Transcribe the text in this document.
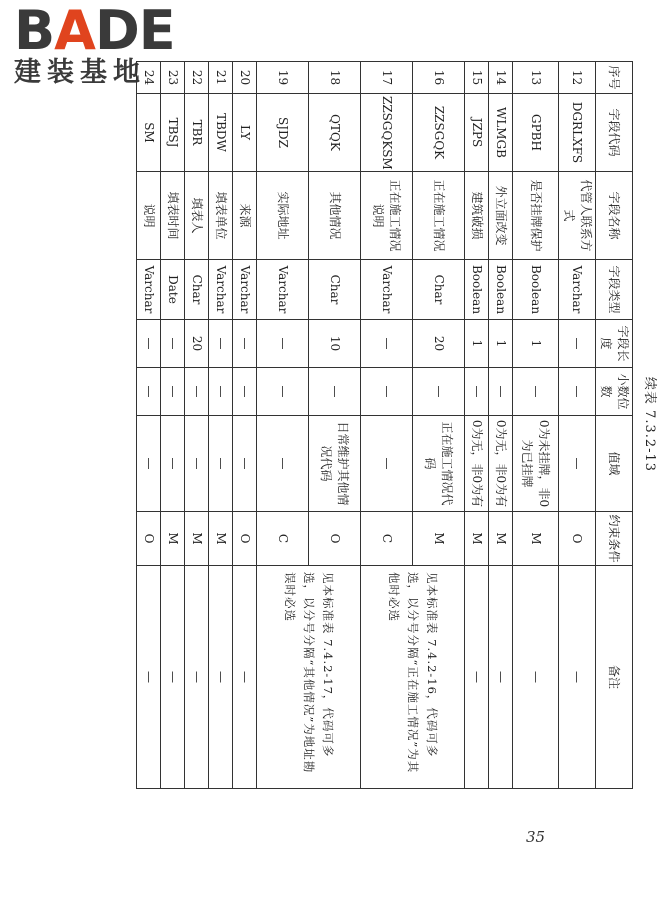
BADE
建装基地
续表 7.3.2-13
序号	字段代码	字段名称	字段类型	字段长度	小数位数	值域	约束条件	备注
12	DGRLXFS	代管人联系方式	Varchar	—	—	—	O	—
13	GPBH	是否挂牌保护	Boolean	1	—	0为未挂牌，非0为已挂牌	M	—
14	WLMGB	外立面改变	Boolean	1	—	0为无，非0为有	M	—
15	JZPS	建筑破损	Boolean	1	—	0为无，非0为有	M	—
16	ZZSGQK	正在施工情况	Char	20	—	正在施工情况代码	M	见本标准表 7.4.2-16，代码可多选，以分号分隔“正在施工情况”为其他时必选
17	ZZSGQKSM	正在施工情况说明	Varchar	—	—	—	C	
18	QTQK	其他情况	Char	10	—	日常维护其他情况代码	O	见本标准表 7.4.2-17，代码可多选，以分号分隔“其他情况”为地址勘误时必选
19	SJDZ	实际地址	Varchar	—	—	—	C	
20	LY	来源	Varchar	—	—	—	O	—
21	TBDW	填表单位	Varchar	—	—	—	M	—
22	TBR	填表人	Char	20	—	—	M	—
23	TBSJ	填表时间	Date	—	—	—	M	—
24	SM	说明	Varchar	—	—	—	O	—
35
